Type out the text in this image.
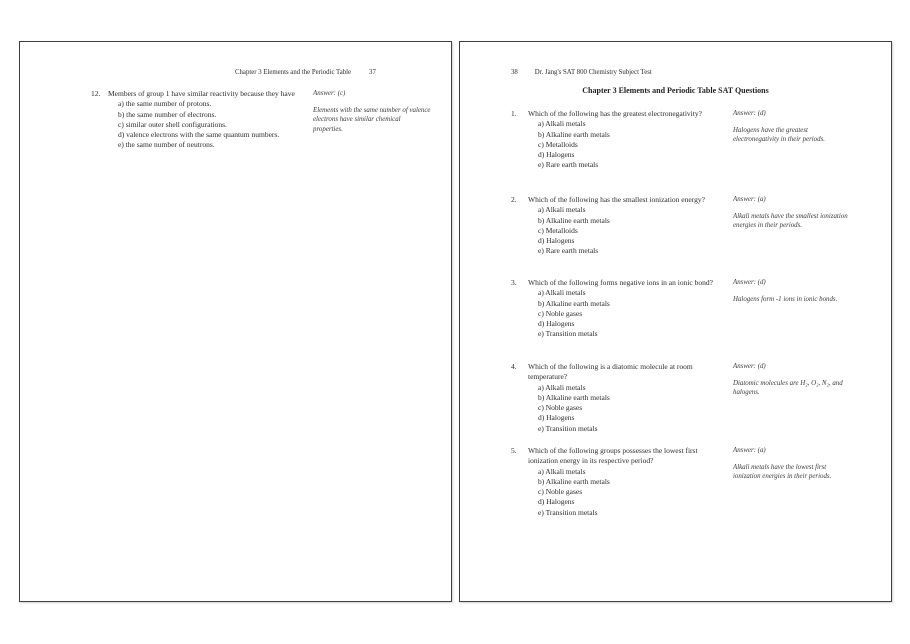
Chapter 3 Elements and the Periodic Table	37
12.	Members of group 1 have similar reactivity because they have
a) the same number of protons.
b) the same number of electrons.
c) similar outer shell configurations.
d) valence electrons with the same quantum numbers.
e) the same number of neutrons.
Answer: (c)
Elements with the same number of valence electrons have similar chemical properties.
38	Dr. Jang's SAT 800 Chemistry Subject Test
Chapter 3 Elements and Periodic Table SAT Questions
1.	Which of the following has the greatest electronegativity?
a) Alkali metals
b) Alkaline earth metals
c) Metalloids
d) Halogens
e) Rare earth metals
Answer: (d)
Halogens have the greatest electronegativity in their periods.
2.	Which of the following has the smallest ionization energy?
a) Alkali metals
b) Alkaline earth metals
c) Metalloids
d) Halogens
e) Rare earth metals
Answer: (a)
Alkali metals have the smallest ionization energies in their periods.
3.	Which of the following forms negative ions in an ionic bond?
a) Alkali metals
b) Alkaline earth metals
c) Noble gases
d) Halogens
e) Transition metals
Answer: (d)
Halogens form -1 ions in ionic bonds.
4.	Which of the following is a diatomic molecule at room temperature?
a) Alkali metals
b) Alkaline earth metals
c) Noble gases
d) Halogens
e) Transition metals
Answer: (d)
Diatomic molecules are H₂, O₂, N₂, and halogens.
5.	Which of the following groups possesses the lowest first ionization energy in its respective period?
a) Alkali metals
b) Alkaline earth metals
c) Noble gases
d) Halogens
e) Transition metals
Answer: (a)
Alkali metals have the lowest first ionization energies in their periods.
